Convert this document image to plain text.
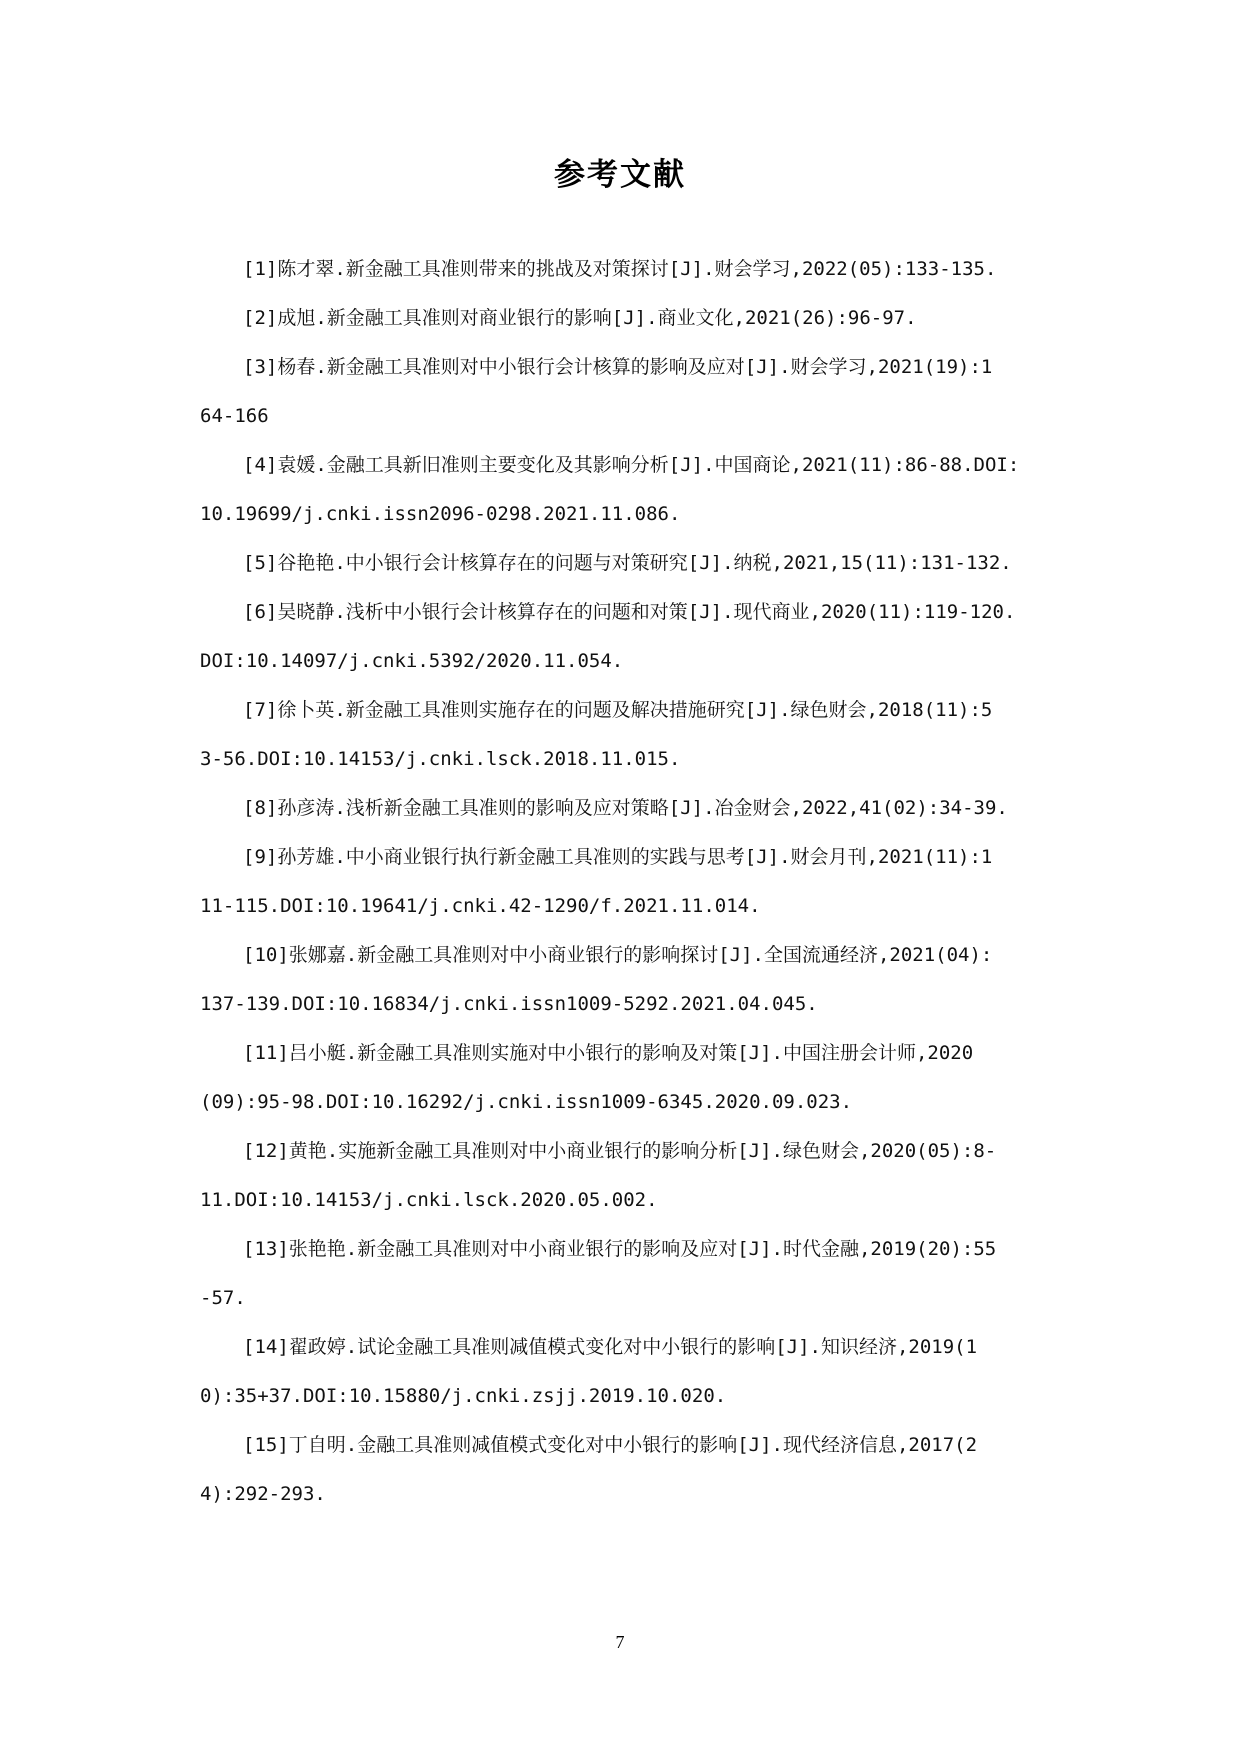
参考文献
[1]陈才翠.新金融工具准则带来的挑战及对策探讨[J].财会学习,2022(05):133-135.
[2]成旭.新金融工具准则对商业银行的影响[J].商业文化,2021(26):96-97.
[3]杨春.新金融工具准则对中小银行会计核算的影响及应对[J].财会学习,2021(19):1
64-166
[4]袁媛.金融工具新旧准则主要变化及其影响分析[J].中国商论,2021(11):86-88.DOI:
10.19699/j.cnki.issn2096-0298.2021.11.086.
[5]谷艳艳.中小银行会计核算存在的问题与对策研究[J].纳税,2021,15(11):131-132.
[6]吴晓静.浅析中小银行会计核算存在的问题和对策[J].现代商业,2020(11):119-120.
DOI:10.14097/j.cnki.5392/2020.11.054.
[7]徐卜英.新金融工具准则实施存在的问题及解决措施研究[J].绿色财会,2018(11):5
3-56.DOI:10.14153/j.cnki.lsck.2018.11.015.
[8]孙彦涛.浅析新金融工具准则的影响及应对策略[J].冶金财会,2022,41(02):34-39.
[9]孙芳雄.中小商业银行执行新金融工具准则的实践与思考[J].财会月刊,2021(11):1
11-115.DOI:10.19641/j.cnki.42-1290/f.2021.11.014.
[10]张娜嘉.新金融工具准则对中小商业银行的影响探讨[J].全国流通经济,2021(04):
137-139.DOI:10.16834/j.cnki.issn1009-5292.2021.04.045.
[11]吕小艇.新金融工具准则实施对中小银行的影响及对策[J].中国注册会计师,2020
(09):95-98.DOI:10.16292/j.cnki.issn1009-6345.2020.09.023.
[12]黄艳.实施新金融工具准则对中小商业银行的影响分析[J].绿色财会,2020(05):8-
11.DOI:10.14153/j.cnki.lsck.2020.05.002.
[13]张艳艳.新金融工具准则对中小商业银行的影响及应对[J].时代金融,2019(20):55
-57.
[14]翟政婷.试论金融工具准则减值模式变化对中小银行的影响[J].知识经济,2019(1
0):35+37.DOI:10.15880/j.cnki.zsjj.2019.10.020.
[15]丁自明.金融工具准则减值模式变化对中小银行的影响[J].现代经济信息,2017(2
4):292-293.
7
